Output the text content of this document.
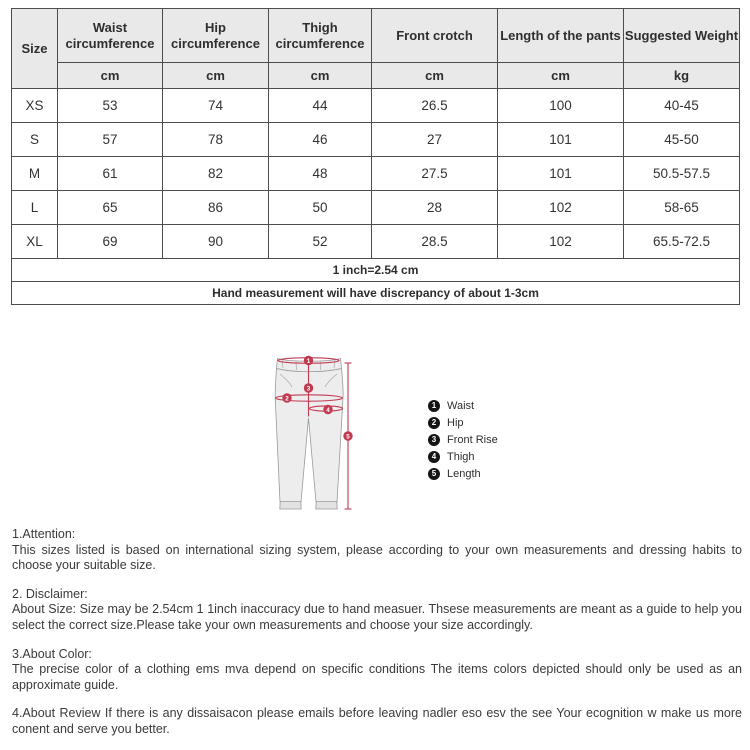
Size	Waist circumference	Hip circumference	Thigh circumference	Front crotch	Length of the pants	Suggested Weight
	cm	cm	cm	cm	cm	kg
XS	53	74	44	26.5	100	40-45
S	57	78	46	27	101	45-50
M	61	82	48	27.5	101	50.5-57.5
L	65	86	50	28	102	58-65
XL	69	90	52	28.5	102	65.5-72.5
1 inch=2.54 cm						
Hand measurement will have discrepancy of about 1-3cm						
1
2
3
4
5
1 Waist
2 Hip
3 Front Rise
4 Thigh
5 Length
1.Attention:
This sizes listed is based on international sizing system, please according to your own measurements and dressing habits to choose your suitable size.
2. Disclaimer:
About Size: Size may be 2.54cm 1 1inch inaccuracy due to hand measuer. Thsese measurements are meant as a guide to help you select the correct size.Please take your own measurements and choose your size accordingly.
3.About Color:
The precise color of a clothing ems mva depend on specific conditions The items colors depicted should only be used as an approximate guide.
4.About Review If there is any dissaisacon please emails before leaving nadler eso esv the see Your ecognition w make us more conent and serve you better.
